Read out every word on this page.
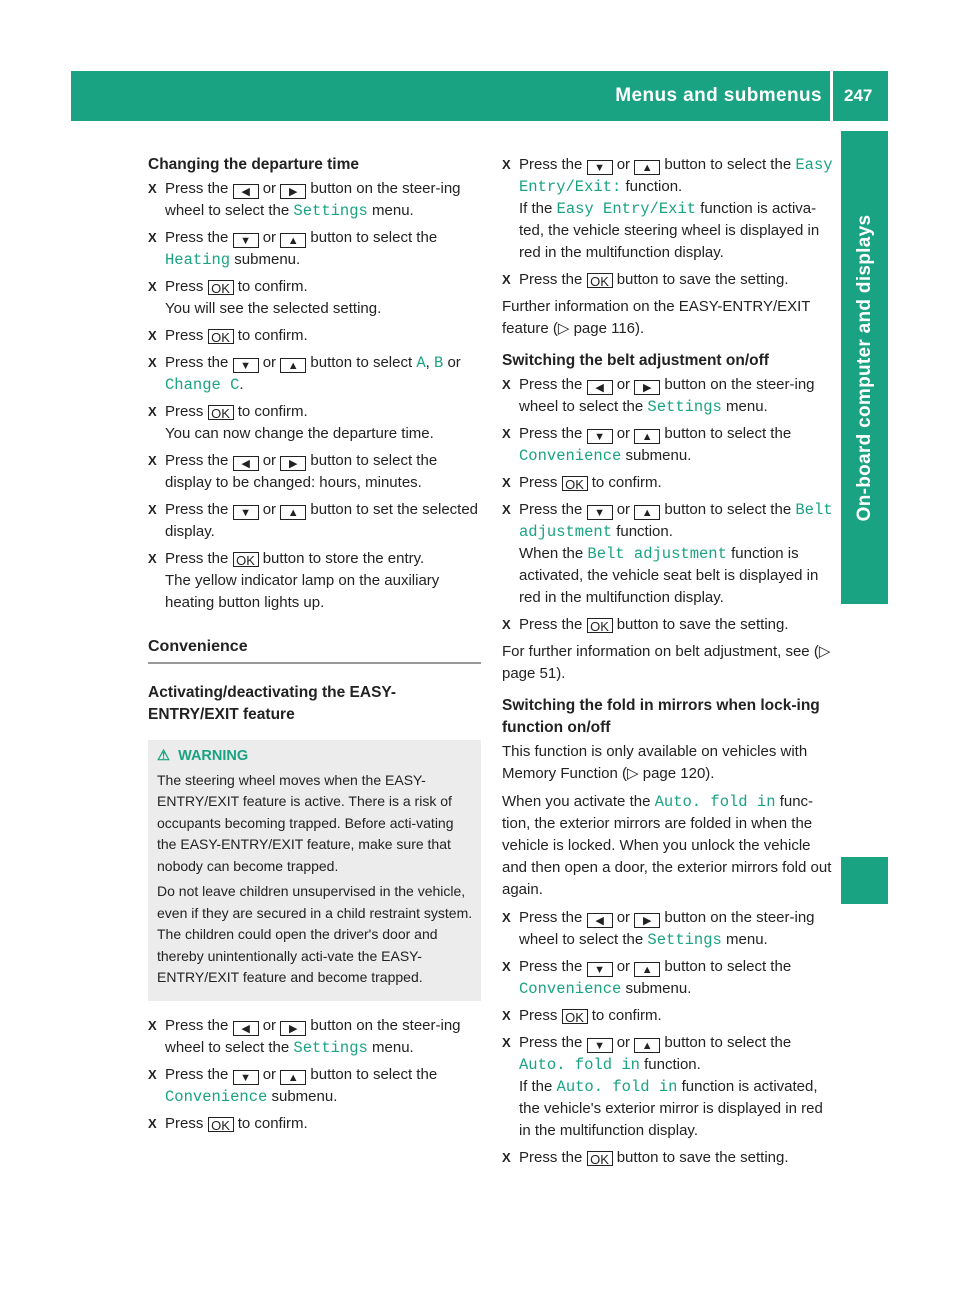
Menus and submenus 247
On-board computer and displays
Changing the departure time

X Press the ◀ or ▶ button on the steer-ing wheel to select the Settings menu.

X Press the ▼ or ▲ button to select the Heating submenu.

X Press OK to confirm.
You will see the selected setting.

X Press OK to confirm.

X Press the ▼ or ▲ button to select A, B or Change C.

X Press OK to confirm.
You can now change the departure time.

X Press the ◀ or ▶ button to select the display to be changed: hours, minutes.

X Press the ▼ or ▲ button to set the selected display.

X Press the OK button to store the entry.
The yellow indicator lamp on the auxiliary heating button lights up.

Convenience
Activating/deactivating the EASY-ENTRY/EXIT feature
⚠ WARNING

The steering wheel moves when the EASY-ENTRY/EXIT feature is active. There is a risk of occupants becoming trapped. Before acti-vating the EASY-ENTRY/EXIT feature, make sure that nobody can become trapped.

Do not leave children unsupervised in the vehicle, even if they are secured in a child restraint system. The children could open the driver's door and thereby unintentionally acti-vate the EASY-ENTRY/EXIT feature and become trapped.

X Press the ◀ or ▶ button on the steer-ing wheel to select the Settings menu.

X Press the ▼ or ▲ button to select the Convenience submenu.

X Press OK to confirm.

X Press the ▼ or ▲ button to select the Easy Entry/Exit: function.
If the Easy Entry/Exit function is activa-ted, the vehicle steering wheel is displayed in red in the multifunction display.

X Press the OK button to save the setting.

Further information on the EASY-ENTRY/EXIT feature (▷ page 116).

Switching the belt adjustment on/off

X Press the ◀ or ▶ button on the steer-ing wheel to select the Settings menu.

X Press the ▼ or ▲ button to select the Convenience submenu.

X Press OK to confirm.

X Press the ▼ or ▲ button to select the Belt adjustment function.
When the Belt adjustment function is activated, the vehicle seat belt is displayed in red in the multifunction display.

X Press the OK button to save the setting.

For further information on belt adjustment, see (▷ page 51).

Switching the fold in mirrors when lock-ing function on/off

This function is only available on vehicles with Memory Function (▷ page 120).

When you activate the Auto. fold in func-tion, the exterior mirrors are folded in when the vehicle is locked. When you unlock the vehicle and then open a door, the exterior mirrors fold out again.

X Press the ◀ or ▶ button on the steer-ing wheel to select the Settings menu.

X Press the ▼ or ▲ button to select the Convenience submenu.

X Press OK to confirm.

X Press the ▼ or ▲ button to select the Auto. fold in function.
If the Auto. fold in function is activated, the vehicle's exterior mirror is displayed in red in the multifunction display.

X Press the OK button to save the setting.
